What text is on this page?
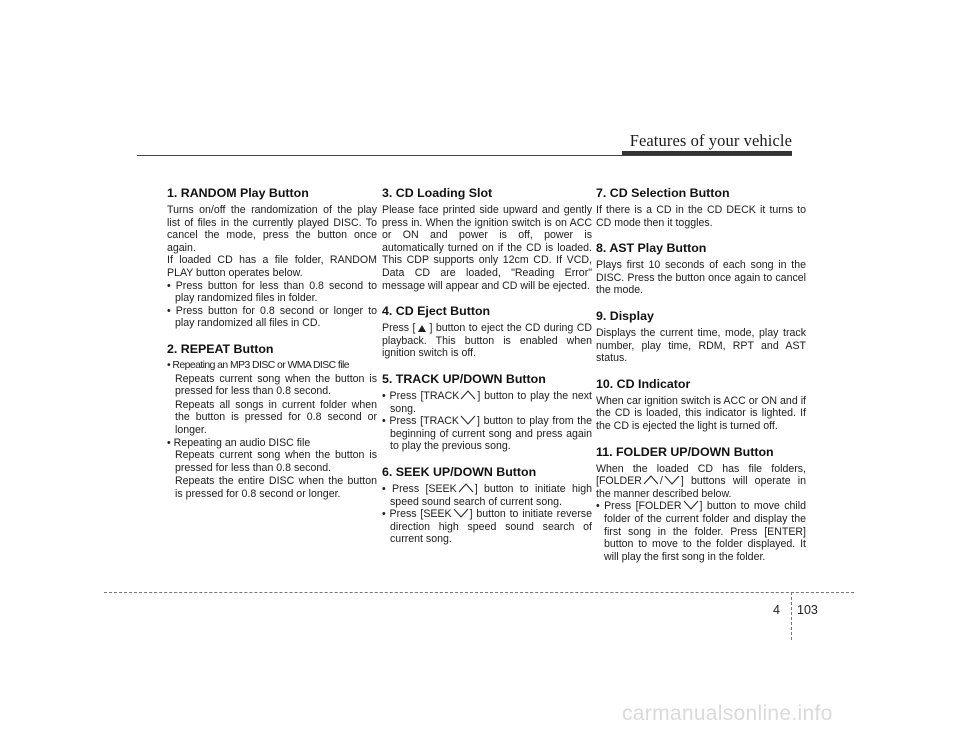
Features of your vehicle
1. RANDOM Play Button

Turns on/off the randomization of the play list of files in the currently played DISC. To cancel the mode, press the button once again.

If loaded CD has a file folder, RANDOM PLAY button operates below.

• Press button for less than 0.8 second to play randomized files in folder.

• Press button for 0.8 second or longer to play randomized all files in CD.

2. REPEAT Button

• Repeating an MP3 DISC or WMA DISC file

Repeats current song when the button is pressed for less than 0.8 second.

Repeats all songs in current folder when the button is pressed for 0.8 second or longer.

• Repeating an audio DISC file

Repeats current song when the button is pressed for less than 0.8 second.

Repeats the entire DISC when the button is pressed for 0.8 second or longer.

3. CD Loading Slot

Please face printed side upward and gently press in. When the ignition switch is on ACC or ON and power is off, power is automatically turned on if the CD is loaded. This CDP supports only 12cm CD. If VCD, Data CD are loaded, "Reading Error" message will appear and CD will be ejected.

4. CD Eject Button

Press [ ] button to eject the CD during CD playback. This button is enabled when ignition switch is off.

5. TRACK UP/DOWN Button

• Press [TRACK ] button to play the next song.

• Press [TRACK ] button to play from the beginning of current song and press again to play the previous song.

6. SEEK UP/DOWN Button

• Press [SEEK ] button to initiate high speed sound search of current song.

• Press [SEEK ] button to initiate reverse direction high speed sound search of current song.

7. CD Selection Button

If there is a CD in the CD DECK it turns to CD mode then it toggles.

8. AST Play Button

Plays first 10 seconds of each song in the DISC. Press the button once again to cancel the mode.

9. Display

Displays the current time, mode, play track number, play time, RDM, RPT and AST status.

10. CD Indicator

When car ignition switch is ACC or ON and if the CD is loaded, this indicator is lighted. If the CD is ejected the light is turned off.

11. FOLDER UP/DOWN Button

When the loaded CD has file folders, [FOLDER / ] buttons will operate in the manner described below.

• Press [FOLDER ] button to move child folder of the current folder and display the first song in the folder. Press [ENTER] button to move to the folder displayed. It will play the first song in the folder.

4 103
carmanualsonline.info
